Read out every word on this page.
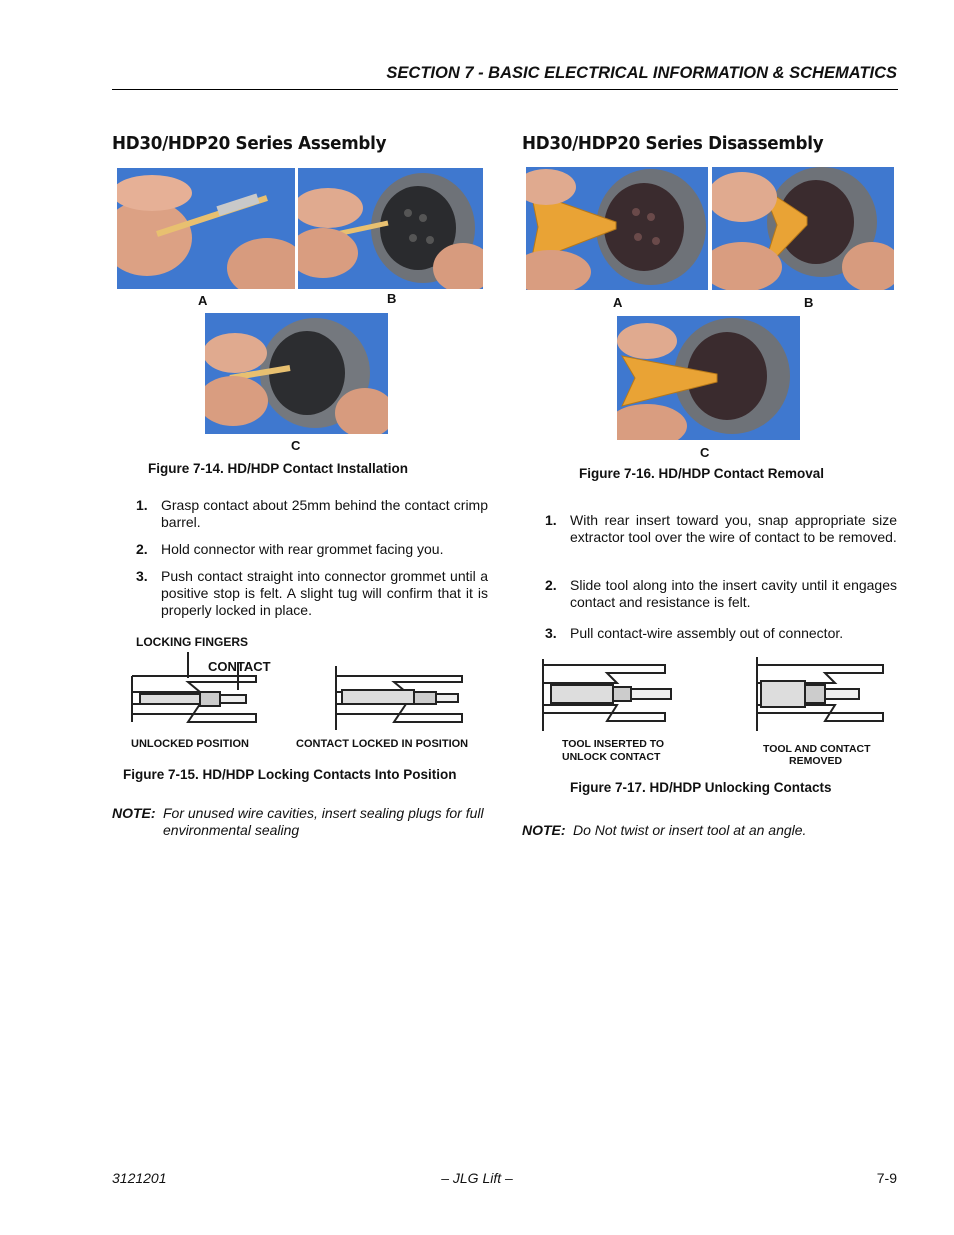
SECTION 7 - BASIC ELECTRICAL INFORMATION & SCHEMATICS
HD30/HDP20 Series Assembly
A	B
C
Figure 7-14. HD/HDP Contact Installation
1. Grasp contact about 25mm behind the contact crimp barrel.
2. Hold connector with rear grommet facing you.
3. Push contact straight into connector grommet until a positive stop is felt. A slight tug will confirm that it is properly locked in place.
LOCKING FINGERS
CONTACT
UNLOCKED POSITION	CONTACT LOCKED IN POSITION
Figure 7-15. HD/HDP Locking Contacts Into Position
NOTE: For unused wire cavities, insert sealing plugs for full environmental sealing
HD30/HDP20 Series Disassembly
A	B
C
Figure 7-16. HD/HDP Contact Removal
1. With rear insert toward you, snap appropriate size extractor tool over the wire of contact to be removed.
2. Slide tool along into the insert cavity until it engages contact and resistance is felt.
3. Pull contact-wire assembly out of connector.
TOOL INSERTED TO
UNLOCK CONTACT
TOOL AND CONTACT
REMOVED
Figure 7-17. HD/HDP Unlocking Contacts
NOTE: Do Not twist or insert tool at an angle.
3121201	– JLG Lift –	7-9
